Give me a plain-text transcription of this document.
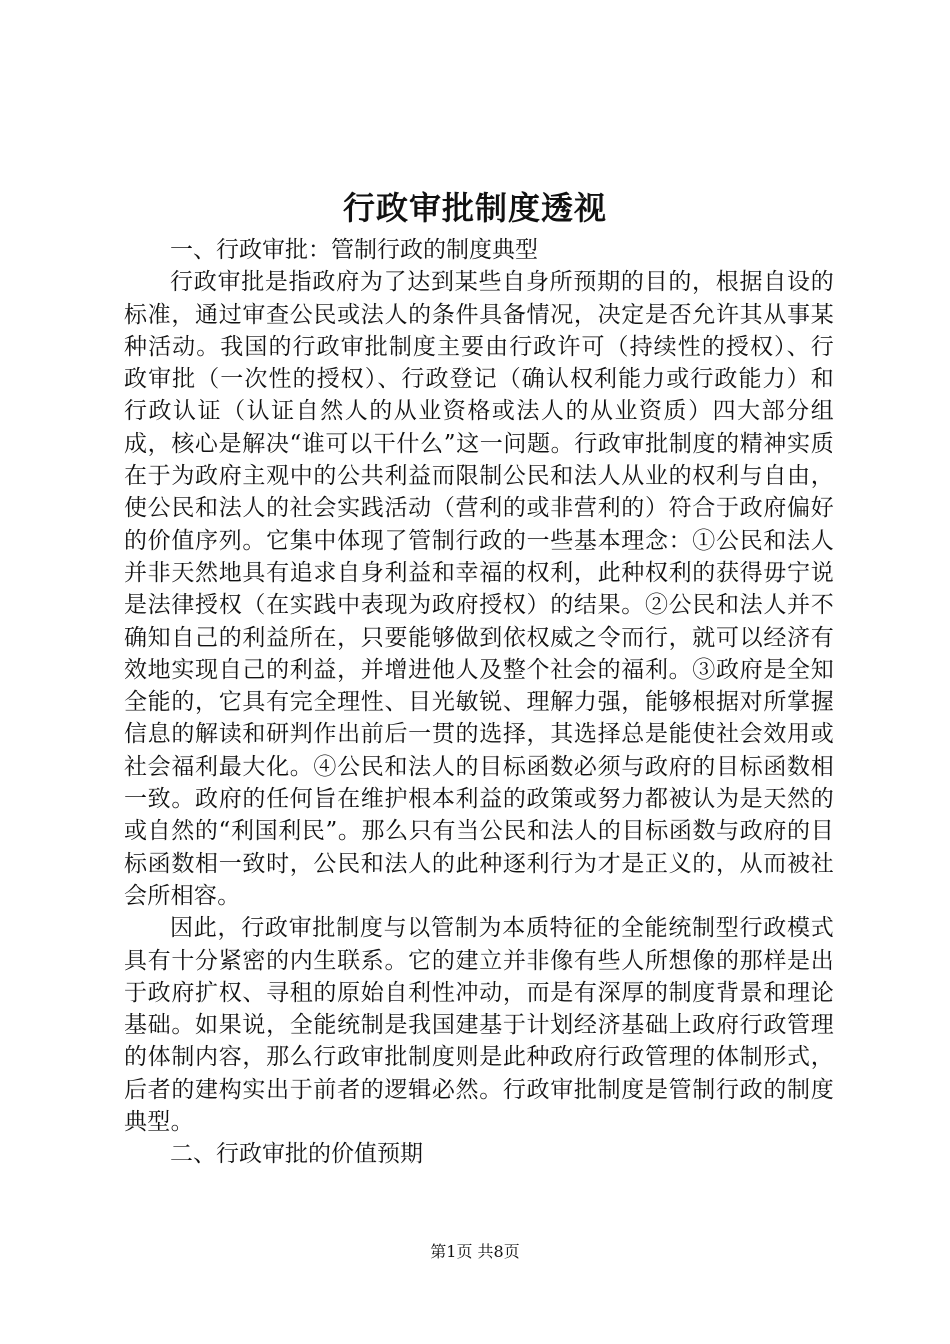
行政审批制度透视

一、行政审批：管制行政的制度典型

行政审批是指政府为了达到某些自身所预期的目的，根据自设的标准，通过审查公民或法人的条件具备情况，决定是否允许其从事某种活动。我国的行政审批制度主要由行政许可（持续性的授权）、行政审批（一次性的授权）、行政登记（确认权利能力或行政能力）和行政认证（认证自然人的从业资格或法人的从业资质）四大部分组成，核心是解决“谁可以干什么”这一问题。行政审批制度的精神实质在于为政府主观中的公共利益而限制公民和法人从业的权利与自由，使公民和法人的社会实践活动（营利的或非营利的）符合于政府偏好的价值序列。它集中体现了管制行政的一些基本理念：①公民和法人并非天然地具有追求自身利益和幸福的权利，此种权利的获得毋宁说是法律授权（在实践中表现为政府授权）的结果。②公民和法人并不确知自己的利益所在，只要能够做到依权威之令而行，就可以经济有效地实现自己的利益，并增进他人及整个社会的福利。③政府是全知全能的，它具有完全理性、目光敏锐、理解力强，能够根据对所掌握信息的解读和研判作出前后一贯的选择，其选择总是能使社会效用或社会福利最大化。④公民和法人的目标函数必须与政府的目标函数相一致。政府的任何旨在维护根本利益的政策或努力都被认为是天然的或自然的“利国利民”。那么只有当公民和法人的目标函数与政府的目标函数相一致时，公民和法人的此种逐利行为才是正义的，从而被社会所相容。

因此，行政审批制度与以管制为本质特征的全能统制型行政模式具有十分紧密的内生联系。它的建立并非像有些人所想像的那样是出于政府扩权、寻租的原始自利性冲动，而是有深厚的制度背景和理论基础。如果说，全能统制是我国建基于计划经济基础上政府行政管理的体制内容，那么行政审批制度则是此种政府行政管理的体制形式，后者的建构实出于前者的逻辑必然。行政审批制度是管制行政的制度典型。

二、行政审批的价值预期

第1页 共8页
